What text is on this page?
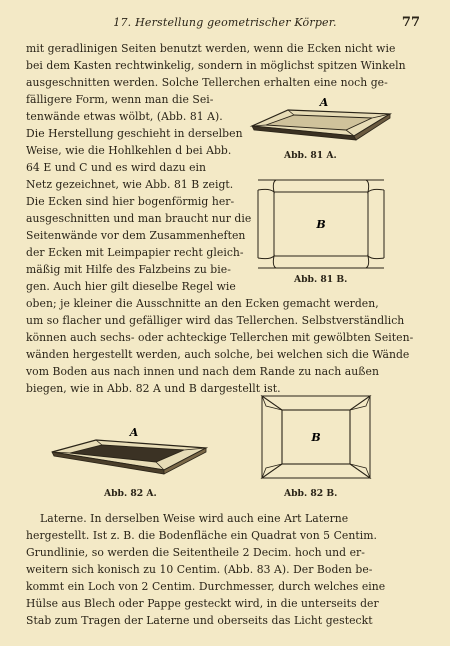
17. Herstellung geometrischer Körper.	77
mit geradlinigen Seiten benutzt werden, wenn die Ecken nicht wie
bei dem Kasten rechtwinkelig, sondern in möglichst spitzen Winkeln
ausgeschnitten werden. Solche Tellerchen erhalten eine noch ge-
fälligere Form, wenn man die Sei-
tenwände etwas wölbt, (Abb. 81 A).
Die Herstellung geschieht in derselben
Weise, wie die Hohlkehlen d bei Abb.
64 E und C und es wird dazu ein
Netz gezeichnet, wie Abb. 81 B zeigt.
Die Ecken sind hier bogenförmig her-
ausgeschnitten und man braucht nur die
Seitenwände vor dem Zusammenheften
der Ecken mit Leimpapier recht gleich-
mäßig mit Hilfe des Falzbeins zu bie-
gen. Auch hier gilt dieselbe Regel wie
oben; je kleiner die Ausschnitte an den Ecken gemacht werden,
um so flacher und gefälliger wird das Tellerchen. Selbstverständlich
können auch sechs- oder achteckige Tellerchen mit gewölbten Seiten-
wänden hergestellt werden, auch solche, bei welchen sich die Wände
vom Boden aus nach innen und nach dem Rande zu nach außen
biegen, wie in Abb. 82 A und B dargestellt ist.
A
Abb. 81 A.
B
Abb. 81 B.
A
Abb. 82 A.
B
Abb. 82 B.
Laterne. In derselben Weise wird auch eine Art Laterne
hergestellt. Ist z. B. die Bodenfläche ein Quadrat von 5 Centim.
Grundlinie, so werden die Seitentheile 2 Decim. hoch und er-
weitern sich konisch zu 10 Centim. (Abb. 83 A). Der Boden be-
kommt ein Loch von 2 Centim. Durchmesser, durch welches eine
Hülse aus Blech oder Pappe gesteckt wird, in die unterseits der
Stab zum Tragen der Laterne und oberseits das Licht gesteckt
